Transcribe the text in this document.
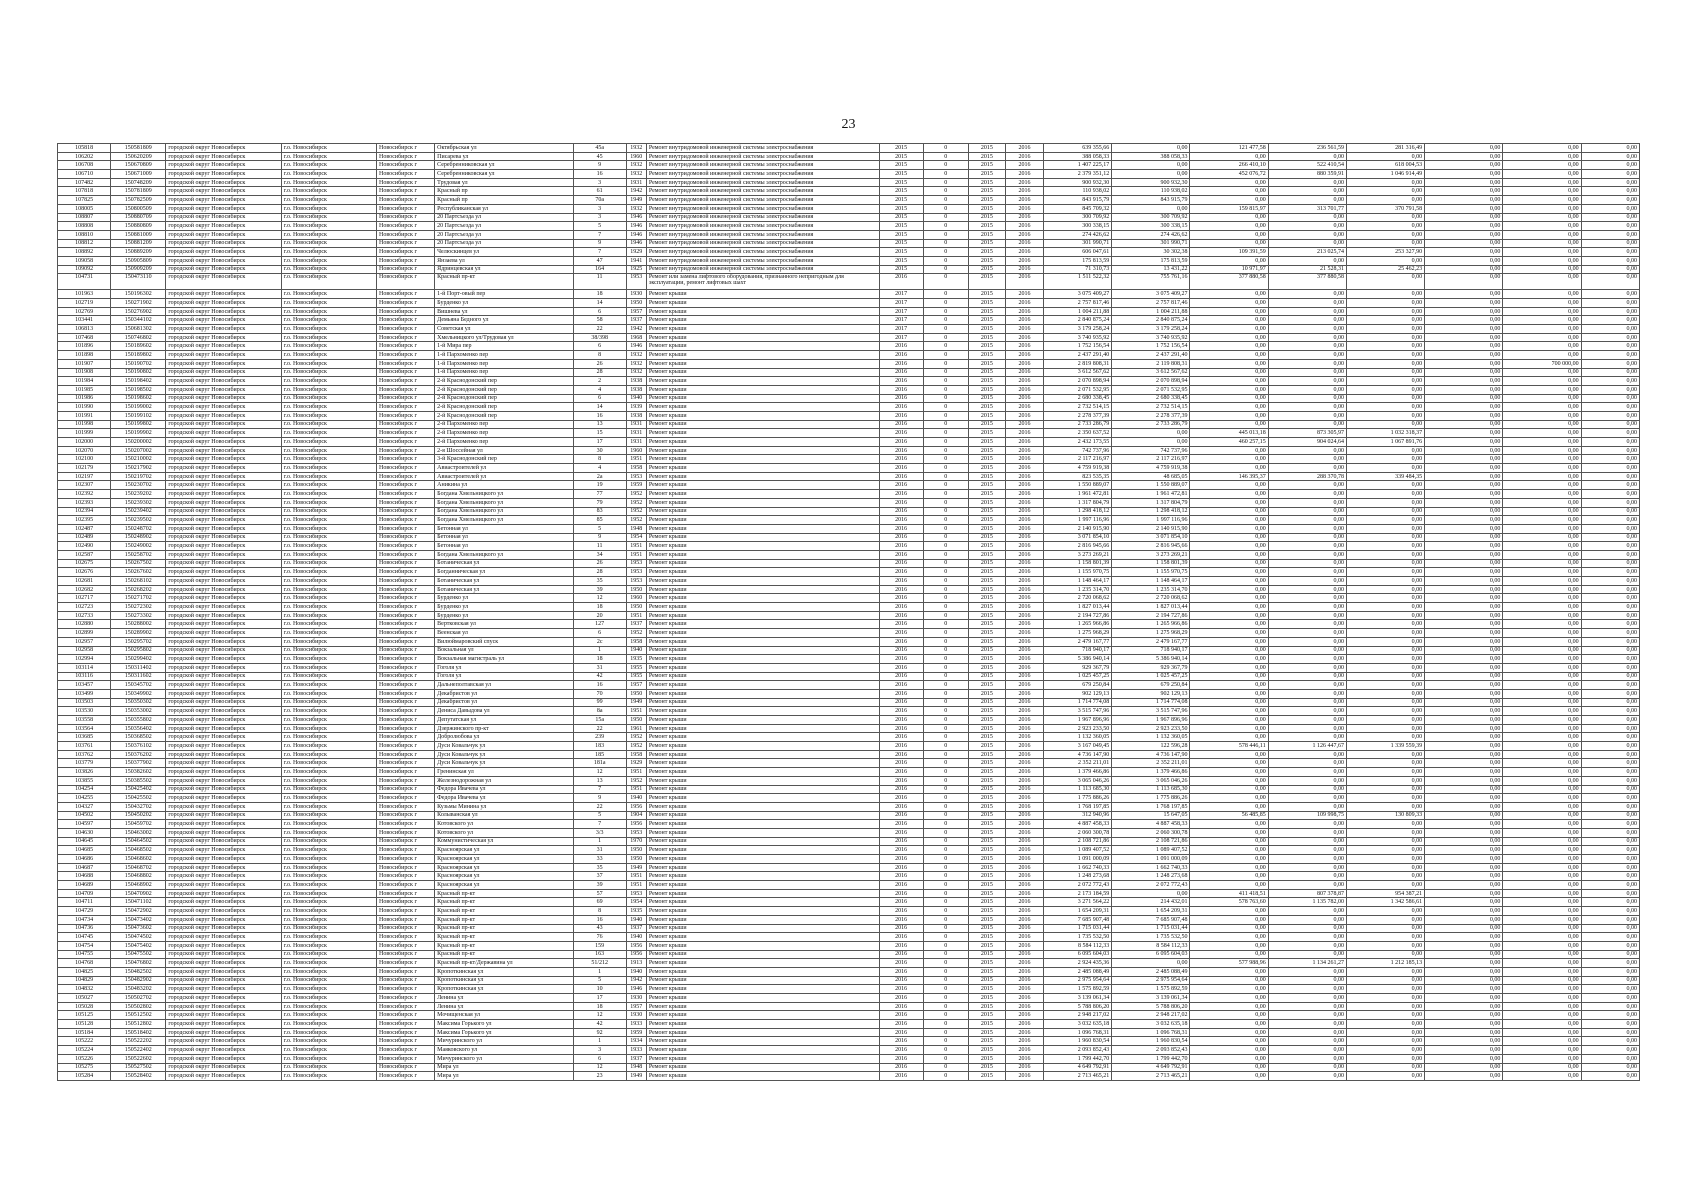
23
105818	150581809	городской округ Новосибирск	г.о. Новосибирск	Новосибирск г	Октябрьская ул	45а	1932	Ремонт внутридомовой инженерной системы электроснабжения	2015	0	2015	2016	639 355,66	0,00	121 477,58	236 561,59	281 316,49	0,00	0,00	0,00
106202	150620209	городской округ Новосибирск	г.о. Новосибирск	Новосибирск г	Писарева ул	45	1960	Ремонт внутридомовой инженерной системы электроснабжения	2015	0	2015	2016	388 058,33	388 058,33	0,00	0,00	0,00	0,00	0,00	0,00
106708	150670809	городской округ Новосибирск	г.о. Новосибирск	Новосибирск г	Серебренниковская ул	9	1932	Ремонт внутридомовой инженерной системы электроснабжения	2015	0	2015	2016	1 407 225,17	0,00	266 410,10	522 410,54	618 004,53	0,00	0,00	0,00
106710	150671009	городской округ Новосибирск	г.о. Новосибирск	Новосибирск г	Серебренниковская ул	16	1932	Ремонт внутридомовой инженерной системы электроснабжения	2015	0	2015	2016	2 379 351,12	0,00	452 076,72	880 359,91	1 046 914,49	0,00	0,00	0,00
107482	150748209	городской округ Новосибирск	г.о. Новосибирск	Новосибирск г	Трудовая ул	3	1931	Ремонт внутридомовой инженерной системы электроснабжения	2015	0	2015	2016	900 932,30	900 932,30	0,00	0,00	0,00	0,00	0,00	0,00
107818	150781809	городской округ Новосибирск	г.о. Новосибирск	Новосибирск г	Красный пр	61	1942	Ремонт внутридомовой инженерной системы электроснабжения	2015	0	2015	2016	110 938,02	110 938,02	0,00	0,00	0,00	0,00	0,00	0,00
107825	150782509	городской округ Новосибирск	г.о. Новосибирск	Новосибирск г	Красный пр	70а	1949	Ремонт внутридомовой инженерной системы электроснабжения	2015	0	2015	2016	843 915,79	843 915,79	0,00	0,00	0,00	0,00	0,00	0,00
108005	150800509	городской округ Новосибирск	г.о. Новосибирск	Новосибирск г	Республиканская ул	3	1932	Ремонт внутридомовой инженерной системы электроснабжения	2015	0	2015	2016	845 709,32	0,00	159 815,97	313 701,77	370 791,58	0,00	0,00	0,00
108807	150880709	городской округ Новосибирск	г.о. Новосибирск	Новосибирск г	20 Партсъезда ул	3	1946	Ремонт внутридомовой инженерной системы электроснабжения	2015	0	2015	2016	300 709,92	300 709,92	0,00	0,00	0,00	0,00	0,00	0,00
108808	150880809	городской округ Новосибирск	г.о. Новосибирск	Новосибирск г	20 Партсъезда ул	5	1946	Ремонт внутридомовой инженерной системы электроснабжения	2015	0	2015	2016	300 338,15	300 338,15	0,00	0,00	0,00	0,00	0,00	0,00
108810	150881009	городской округ Новосибирск	г.о. Новосибирск	Новосибирск г	20 Партсъезда ул	7	1946	Ремонт внутридомовой инженерной системы электроснабжения	2015	0	2015	2016	274 426,62	274 426,62	0,00	0,00	0,00	0,00	0,00	0,00
108812	150881209	городской округ Новосибирск	г.о. Новосибирск	Новосибирск г	20 Партсъезда ул	9	1946	Ремонт внутридомовой инженерной системы электроснабжения	2015	0	2015	2016	301 990,71	301 990,71	0,00	0,00	0,00	0,00	0,00	0,00
108892	150889209	городской округ Новосибирск	г.о. Новосибирск	Новосибирск г	Челюскинцев ул	7	1929	Ремонт внутридомовой инженерной системы электроснабжения	2015	0	2015	2016	606 047,61	30 302,38	109 391,59	213 025,74	253 327,90	0,00	0,00	0,00
109058	150905809	городской округ Новосибирск	г.о. Новосибирск	Новосибирск г	Янзаева ул	47	1941	Ремонт внутридомовой инженерной системы электроснабжения	2015	0	2015	2016	175 813,59	175 813,59	0,00	0,00	0,00	0,00	0,00	0,00
109092	150909209	городской округ Новосибирск	г.о. Новосибирск	Новосибирск г	Ядринцевская ул	164	1925	Ремонт внутридомовой инженерной системы электроснабжения	2015	0	2015	2016	71 310,73	13 431,22	10 971,97	21 528,31	25 462,23	0,00	0,00	0,00
104731	150473110	городской округ Новосибирск	г.о. Новосибирск	Новосибирск г	Красный пр-кт	11	1953	Ремонт или замена лифтового оборудования, признанного непригодным для эксплуатации, ремонт лифтовых шахт	2016	0	2015	2016	1 511 522,32	755 761,16	377 880,58	377 880,58	0,00	0,00	0,00	0,00
101963	150196302	городской округ Новосибирск	г.о. Новосибирск	Новосибирск г	1-й Порт-овый пер	18	1930	Ремонт крыши	2017	0	2015	2016	3 075 409,27	3 075 409,27	0,00	0,00	0,00	0,00	0,00	0,00
102719	150271902	городской округ Новосибирск	г.о. Новосибирск	Новосибирск г	Бурденко ул	14	1950	Ремонт крыши	2017	0	2015	2016	2 757 817,46	2 757 817,46	0,00	0,00	0,00	0,00	0,00	0,00
102769	150276902	городской округ Новосибирск	г.о. Новосибирск	Новосибирск г	Вишнева ул	6	1957	Ремонт крыши	2017	0	2015	2016	1 004 211,88	1 004 211,88	0,00	0,00	0,00	0,00	0,00	0,00
103441	150344102	городской округ Новосибирск	г.о. Новосибирск	Новосибирск г	Демьяна Бедного ул	58	1937	Ремонт крыши	2017	0	2015	2016	2 840 875,24	2 840 875,24	0,00	0,00	0,00	0,00	0,00	0,00
106813	150681302	городской округ Новосибирск	г.о. Новосибирск	Новосибирск г	Советская ул	22	1942	Ремонт крыши	2017	0	2015	2016	3 179 258,24	3 179 258,24	0,00	0,00	0,00	0,00	0,00	0,00
107468	150746802	городской округ Новосибирск	г.о. Новосибирск	Новосибирск г	Хмельницкого ул/Трудовая ул	38/398	1968	Ремонт крыши	2017	0	2015	2016	3 740 935,92	3 740 935,92	0,00	0,00	0,00	0,00	0,00	0,00
101896	150189602	городской округ Новосибирск	г.о. Новосибирск	Новосибирск г	1-й Мира пер	6	1946	Ремонт крыши	2016	0	2015	2016	1 752 156,54	1 752 156,54	0,00	0,00	0,00	0,00	0,00	0,00
101898	150189802	городской округ Новосибирск	г.о. Новосибирск	Новосибирск г	1-й Пархоменко пер	8	1932	Ремонт крыши	2016	0	2015	2016	2 437 291,40	2 437 291,40	0,00	0,00	0,00	0,00	0,00	0,00
101907	150190702	городской округ Новосибирск	г.о. Новосибирск	Новосибирск г	1-й Пархоменко пер	26	1932	Ремонт крыши	2016	0	2015	2016	2 819 808,31	2 119 808,31	0,00	0,00	0,00	0,00	700 000,00	0,00
101908	150190802	городской округ Новосибирск	г.о. Новосибирск	Новосибирск г	1-й Пархоменко пер	28	1932	Ремонт крыши	2016	0	2015	2016	3 612 567,62	3 612 567,62	0,00	0,00	0,00	0,00	0,00	0,00
101984	150198402	городской округ Новосибирск	г.о. Новосибирск	Новосибирск г	2-й Краснодонский пер	2	1938	Ремонт крыши	2016	0	2015	2016	2 070 898,94	2 070 898,94	0,00	0,00	0,00	0,00	0,00	0,00
101985	150198502	городской округ Новосибирск	г.о. Новосибирск	Новосибирск г	2-й Краснодонский пер	4	1938	Ремонт крыши	2016	0	2015	2016	2 071 532,95	2 071 532,95	0,00	0,00	0,00	0,00	0,00	0,00
101986	150198602	городской округ Новосибирск	г.о. Новосибирск	Новосибирск г	2-й Краснодонский пер	6	1940	Ремонт крыши	2016	0	2015	2016	2 680 338,45	2 680 338,45	0,00	0,00	0,00	0,00	0,00	0,00
101990	150199002	городской округ Новосибирск	г.о. Новосибирск	Новосибирск г	2-й Краснодонский пер	14	1939	Ремонт крыши	2016	0	2015	2016	2 732 514,15	2 732 514,15	0,00	0,00	0,00	0,00	0,00	0,00
101991	150199102	городской округ Новосибирск	г.о. Новосибирск	Новосибирск г	2-й Краснодонский пер	16	1938	Ремонт крыши	2016	0	2015	2016	2 278 377,39	2 278 377,39	0,00	0,00	0,00	0,00	0,00	0,00
101998	150199802	городской округ Новосибирск	г.о. Новосибирск	Новосибирск г	2-й Пархоменко пер	13	1931	Ремонт крыши	2016	0	2015	2016	2 733 286,79	2 733 286,79	0,00	0,00	0,00	0,00	0,00	0,00
101999	150199902	городской округ Новосибирск	г.о. Новосибирск	Новосибирск г	2-й Пархоменко пер	15	1931	Ремонт крыши	2016	0	2015	2016	2 350 637,52	0,00	445 013,18	873 305,97	1 032 318,37	0,00	0,00	0,00
102000	150200002	городской округ Новосибирск	г.о. Новосибирск	Новосибирск г	2-й Пархоменко пер	17	1931	Ремонт крыши	2016	0	2015	2016	2 432 173,55	0,00	460 257,15	904 024,64	1 067 891,76	0,00	0,00	0,00
102070	150207002	городской округ Новосибирск	г.о. Новосибирск	Новосибирск г	2-я Шоссейная ул	30	1960	Ремонт крыши	2016	0	2015	2016	742 737,96	742 737,96	0,00	0,00	0,00	0,00	0,00	0,00
102100	150210002	городской округ Новосибирск	г.о. Новосибирск	Новосибирск г	3-й Краснодонский пер	8	1951	Ремонт крыши	2016	0	2015	2016	2 117 216,97	2 117 216,97	0,00	0,00	0,00	0,00	0,00	0,00
102179	150217902	городской округ Новосибирск	г.о. Новосибирск	Новосибирск г	Авиастроителей ул	4	1958	Ремонт крыши	2016	0	2015	2016	4 759 919,38	4 759 919,38	0,00	0,00	0,00	0,00	0,00	0,00
102197	150219702	городской округ Новосибирск	г.о. Новосибирск	Новосибирск г	Авиастроителей ул	2а	1953	Ремонт крыши	2016	0	2015	2016	823 535,35	48 685,05	146 395,37	288 370,78	339 484,35	0,00	0,00	0,00
102307	150230702	городской округ Новосибирск	г.о. Новосибирск	Новосибирск г	Аникина ул	19	1959	Ремонт крыши	2016	0	2015	2016	1 550 889,07	1 550 889,07	0,00	0,00	0,00	0,00	0,00	0,00
102392	150239202	городской округ Новосибирск	г.о. Новосибирск	Новосибирск г	Богдана Хмельницкого ул	77	1952	Ремонт крыши	2016	0	2015	2016	1 961 472,81	1 961 472,81	0,00	0,00	0,00	0,00	0,00	0,00
102393	150239302	городской округ Новосибирск	г.о. Новосибирск	Новосибирск г	Богдана Хмельницкого ул	79	1952	Ремонт крыши	2016	0	2015	2016	1 317 804,79	1 317 804,79	0,00	0,00	0,00	0,00	0,00	0,00
102394	150239402	городской округ Новосибирск	г.о. Новосибирск	Новосибирск г	Богдана Хмельницкого ул	83	1952	Ремонт крыши	2016	0	2015	2016	1 298 418,12	1 298 418,12	0,00	0,00	0,00	0,00	0,00	0,00
102395	150239502	городской округ Новосибирск	г.о. Новосибирск	Новосибирск г	Богдана Хмельницкого ул	85	1952	Ремонт крыши	2016	0	2015	2016	1 997 116,96	1 997 116,96	0,00	0,00	0,00	0,00	0,00	0,00
102487	150248702	городской округ Новосибирск	г.о. Новосибирск	Новосибирск г	Бетонная ул	5	1948	Ремонт крыши	2016	0	2015	2016	2 140 915,90	2 140 915,90	0,00	0,00	0,00	0,00	0,00	0,00
102489	150248902	городской округ Новосибирск	г.о. Новосибирск	Новосибирск г	Бетонная ул	9	1954	Ремонт крыши	2016	0	2015	2016	3 071 854,10	3 071 854,10	0,00	0,00	0,00	0,00	0,00	0,00
102490	150249002	городской округ Новосибирск	г.о. Новосибирск	Новосибирск г	Бетонная ул	11	1951	Ремонт крыши	2016	0	2015	2016	2 816 945,66	2 816 945,66	0,00	0,00	0,00	0,00	0,00	0,00
102587	150258702	городской округ Новосибирск	г.о. Новосибирск	Новосибирск г	Богдана Хмельницкого ул	34	1951	Ремонт крыши	2016	0	2015	2016	3 273 269,21	3 273 269,21	0,00	0,00	0,00	0,00	0,00	0,00
102675	150267502	городской округ Новосибирск	г.о. Новосибирск	Новосибирск г	Ботаническая ул	26	1953	Ремонт крыши	2016	0	2015	2016	1 158 801,39	1 158 801,39	0,00	0,00	0,00	0,00	0,00	0,00
102676	150267602	городской округ Новосибирск	г.о. Новосибирск	Новосибирск г	Богданническая ул	28	1953	Ремонт крыши	2016	0	2015	2016	1 155 970,75	1 155 970,75	0,00	0,00	0,00	0,00	0,00	0,00
102681	150268102	городской округ Новосибирск	г.о. Новосибирск	Новосибирск г	Ботаническая ул	35	1953	Ремонт крыши	2016	0	2015	2016	1 148 464,17	1 148 464,17	0,00	0,00	0,00	0,00	0,00	0,00
102682	150268202	городской округ Новосибирск	г.о. Новосибирск	Новосибирск г	Ботаническая ул	39	1950	Ремонт крыши	2016	0	2015	2016	1 235 314,70	1 235 314,70	0,00	0,00	0,00	0,00	0,00	0,00
102717	150271702	городской округ Новосибирск	г.о. Новосибирск	Новосибирск г	Бурденко ул	12	1960	Ремонт крыши	2016	0	2015	2016	2 720 068,62	2 720 068,62	0,00	0,00	0,00	0,00	0,00	0,00
102723	150272302	городской округ Новосибирск	г.о. Новосибирск	Новосибирск г	Бурденко ул	18	1950	Ремонт крыши	2016	0	2015	2016	1 827 013,44	1 827 013,44	0,00	0,00	0,00	0,00	0,00	0,00
102733	150273302	городской округ Новосибирск	г.о. Новосибирск	Новосибирск г	Бурденко ул	20	1951	Ремонт крыши	2016	0	2015	2016	2 194 727,86	2 194 727,86	0,00	0,00	0,00	0,00	0,00	0,00
102880	150288002	городской округ Новосибирск	г.о. Новосибирск	Новосибирск г	Вертковская ул	127	1937	Ремонт крыши	2016	0	2015	2016	1 265 966,86	1 265 966,86	0,00	0,00	0,00	0,00	0,00	0,00
102899	150289902	городской округ Новосибирск	г.о. Новосибирск	Новосибирск г	Веенская ул	6	1952	Ремонт крыши	2016	0	2015	2016	1 275 968,29	1 275 968,29	0,00	0,00	0,00	0,00	0,00	0,00
102957	150295702	городской округ Новосибирск	г.о. Новосибирск	Новосибирск г	Вилюймаровский спуск	2с	1958	Ремонт крыши	2016	0	2015	2016	2 479 167,77	2 479 167,77	0,00	0,00	0,00	0,00	0,00	0,00
102958	150295802	городской округ Новосибирск	г.о. Новосибирск	Новосибирск г	Вокзальная ул	1	1940	Ремонт крыши	2016	0	2015	2016	718 940,17	718 940,17	0,00	0,00	0,00	0,00	0,00	0,00
102994	150299402	городской округ Новосибирск	г.о. Новосибирск	Новосибирск г	Вокзальная магистраль ул	18	1935	Ремонт крыши	2016	0	2015	2016	5 386 940,14	5 386 940,14	0,00	0,00	0,00	0,00	0,00	0,00
103114	150311402	городской округ Новосибирск	г.о. Новосибирск	Новосибирск г	Гоголя ул	31	1955	Ремонт крыши	2016	0	2015	2016	929 367,79	929 367,79	0,00	0,00	0,00	0,00	0,00	0,00
103116	150311602	городской округ Новосибирск	г.о. Новосибирск	Новосибирск г	Гоголя ул	42	1955	Ремонт крыши	2016	0	2015	2016	1 025 457,25	1 025 457,25	0,00	0,00	0,00	0,00	0,00	0,00
103457	150345702	городской округ Новосибирск	г.о. Новосибирск	Новосибирск г	Дальнеполтавская ул	16	1957	Ремонт крыши	2016	0	2015	2016	679 250,84	679 250,84	0,00	0,00	0,00	0,00	0,00	0,00
103499	150349902	городской округ Новосибирск	г.о. Новосибирск	Новосибирск г	Декабристов ул	70	1950	Ремонт крыши	2016	0	2015	2016	902 129,13	902 129,13	0,00	0,00	0,00	0,00	0,00	0,00
103503	150350302	городской округ Новосибирск	г.о. Новосибирск	Новосибирск г	Декабристов ул	99	1949	Ремонт крыши	2016	0	2015	2016	1 714 774,08	1 714 774,08	0,00	0,00	0,00	0,00	0,00	0,00
103530	150353002	городской округ Новосибирск	г.о. Новосибирск	Новосибирск г	Дениса Давыдова ул	8а	1951	Ремонт крыши	2016	0	2015	2016	3 515 747,96	3 515 747,96	0,00	0,00	0,00	0,00	0,00	0,00
103558	150355802	городской округ Новосибирск	г.о. Новосибирск	Новосибирск г	Депутатская ул	15а	1950	Ремонт крыши	2016	0	2015	2016	1 967 896,96	1 967 896,96	0,00	0,00	0,00	0,00	0,00	0,00
103564	150356402	городской округ Новосибирск	г.о. Новосибирск	Новосибирск г	Дзержинского пр-кт	22	1961	Ремонт крыши	2016	0	2015	2016	2 923 233,50	2 923 233,50	0,00	0,00	0,00	0,00	0,00	0,00
103685	150368502	городской округ Новосибирск	г.о. Новосибирск	Новосибирск г	Добролюбова ул	239	1952	Ремонт крыши	2016	0	2015	2016	1 132 360,05	1 132 360,05	0,00	0,00	0,00	0,00	0,00	0,00
103761	150376102	городской округ Новосибирск	г.о. Новосибирск	Новосибирск г	Дуси Ковальчук ул	183	1952	Ремонт крыши	2016	0	2015	2016	3 167 049,45	122 596,28	578 446,11	1 126 447,67	1 339 559,39	0,00	0,00	0,00
103762	150376202	городской округ Новосибирск	г.о. Новосибирск	Новосибирск г	Дуси Ковальчук ул	185	1958	Ремонт крыши	2016	0	2015	2016	4 736 147,90	4 736 147,90	0,00	0,00	0,00	0,00	0,00	0,00
103779	150377902	городской округ Новосибирск	г.о. Новосибирск	Новосибирск г	Дуси Ковальчук ул	181а	1929	Ремонт крыши	2016	0	2015	2016	2 352 211,01	2 352 211,01	0,00	0,00	0,00	0,00	0,00	0,00
103826	150382602	городской округ Новосибирск	г.о. Новосибирск	Новосибирск г	Гренинская ул	12	1951	Ремонт крыши	2016	0	2015	2016	1 379 466,86	1 379 466,86	0,00	0,00	0,00	0,00	0,00	0,00
103855	150385502	городской округ Новосибирск	г.о. Новосибирск	Новосибирск г	Железнодорожная ул	13	1952	Ремонт крыши	2016	0	2015	2016	3 065 046,26	3 065 046,26	0,00	0,00	0,00	0,00	0,00	0,00
104254	150425402	городской округ Новосибирск	г.о. Новосибирск	Новосибирск г	Федора Ивачева ул	7	1951	Ремонт крыши	2016	0	2015	2016	1 113 685,30	1 113 685,30	0,00	0,00	0,00	0,00	0,00	0,00
104255	150425502	городской округ Новосибирск	г.о. Новосибирск	Новосибирск г	Федора Ивачева ул	9	1940	Ремонт крыши	2016	0	2015	2016	1 775 886,26	1 775 886,26	0,00	0,00	0,00	0,00	0,00	0,00
104327	150432702	городской округ Новосибирск	г.о. Новосибирск	Новосибирск г	Кузьмы Минина ул	22	1956	Ремонт крыши	2016	0	2015	2016	1 768 197,85	1 768 197,85	0,00	0,00	0,00	0,00	0,00	0,00
104502	150450202	городской округ Новосибирск	г.о. Новосибирск	Новосибирск г	Колыванская ул	5	1904	Ремонт крыши	2016	0	2015	2016	312 940,96	15 647,05	56 485,85	109 998,75	130 809,33	0,00	0,00	0,00
104597	150459702	городской округ Новосибирск	г.о. Новосибирск	Новосибирск г	Котовского ул	7	1956	Ремонт крыши	2016	0	2015	2016	4 887 458,33	4 887 458,33	0,00	0,00	0,00	0,00	0,00	0,00
104630	150463002	городской округ Новосибирск	г.о. Новосибирск	Новосибирск г	Котовского ул	3/3	1953	Ремонт крыши	2016	0	2015	2016	2 060 300,78	2 060 300,78	0,00	0,00	0,00	0,00	0,00	0,00
104645	150464502	городской округ Новосибирск	г.о. Новосибирск	Новосибирск г	Коммунистическая ул	1	1970	Ремонт крыши	2016	0	2015	2016	2 108 721,86	2 108 721,86	0,00	0,00	0,00	0,00	0,00	0,00
104685	150468502	городской округ Новосибирск	г.о. Новосибирск	Новосибирск г	Красноярская ул	31	1950	Ремонт крыши	2016	0	2015	2016	1 089 407,52	1 089 407,52	0,00	0,00	0,00	0,00	0,00	0,00
104686	150468602	городской округ Новосибирск	г.о. Новосибирск	Новосибирск г	Красноярская ул	33	1950	Ремонт крыши	2016	0	2015	2016	1 091 000,09	1 091 000,09	0,00	0,00	0,00	0,00	0,00	0,00
104687	150468702	городской округ Новосибирск	г.о. Новосибирск	Новосибирск г	Красноярская ул	35	1949	Ремонт крыши	2016	0	2015	2016	1 662 740,33	1 662 740,33	0,00	0,00	0,00	0,00	0,00	0,00
104688	150468802	городской округ Новосибирск	г.о. Новосибирск	Новосибирск г	Красноярская ул	37	1951	Ремонт крыши	2016	0	2015	2016	1 248 273,68	1 248 273,68	0,00	0,00	0,00	0,00	0,00	0,00
104689	150468902	городской округ Новосибирск	г.о. Новосибирск	Новосибирск г	Красноярская ул	39	1951	Ремонт крыши	2016	0	2015	2016	2 072 772,43	2 072 772,43	0,00	0,00	0,00	0,00	0,00	0,00
104709	150470902	городской округ Новосибирск	г.о. Новосибирск	Новосибирск г	Красный пр-кт	57	1953	Ремонт крыши	2016	0	2015	2016	2 173 184,59	0,00	411 418,51	807 378,87	954 387,21	0,00	0,00	0,00
104711	150471102	городской округ Новосибирск	г.о. Новосибирск	Новосибирск г	Красный пр-кт	69	1954	Ремонт крыши	2016	0	2015	2016	3 271 564,22	214 432,01	578 763,60	1 135 782,00	1 342 586,61	0,00	0,00	0,00
104729	150472902	городской округ Новосибирск	г.о. Новосибирск	Новосибирск г	Красный пр-кт	8	1935	Ремонт крыши	2016	0	2015	2016	1 654 209,31	1 654 209,31	0,00	0,00	0,00	0,00	0,00	0,00
104734	150473402	городской округ Новосибирск	г.о. Новосибирск	Новосибирск г	Красный пр-кт	16	1940	Ремонт крыши	2016	0	2015	2016	7 685 907,48	7 685 907,48	0,00	0,00	0,00	0,00	0,00	0,00
104736	150473602	городской округ Новосибирск	г.о. Новосибирск	Новосибирск г	Красный пр-кт	43	1937	Ремонт крыши	2016	0	2015	2016	1 715 031,44	1 715 031,44	0,00	0,00	0,00	0,00	0,00	0,00
104745	150474502	городской округ Новосибирск	г.о. Новосибирск	Новосибирск г	Красный пр-кт	76	1940	Ремонт крыши	2016	0	2015	2016	1 735 532,50	1 735 532,50	0,00	0,00	0,00	0,00	0,00	0,00
104754	150475402	городской округ Новосибирск	г.о. Новосибирск	Новосибирск г	Красный пр-кт	159	1956	Ремонт крыши	2016	0	2015	2016	8 584 112,33	8 584 112,33	0,00	0,00	0,00	0,00	0,00	0,00
104755	150475502	городской округ Новосибирск	г.о. Новосибирск	Новосибирск г	Красный пр-кт	163	1956	Ремонт крыши	2016	0	2015	2016	6 095 604,03	6 095 604,03	0,00	0,00	0,00	0,00	0,00	0,00
104768	150476802	городской округ Новосибирск	г.о. Новосибирск	Новосибирск г	Красный пр-кт/Державина ул	51/212	1913	Ремонт крыши	2016	0	2015	2016	2 924 435,36	0,00	577 988,96	1 134 261,27	1 212 185,13	0,00	0,00	0,00
104825	150482502	городской округ Новосибирск	г.о. Новосибирск	Новосибирск г	Кропоткинская ул	1	1940	Ремонт крыши	2016	0	2015	2016	2 485 088,49	2 485 088,49	0,00	0,00	0,00	0,00	0,00	0,00
104829	150482902	городской округ Новосибирск	г.о. Новосибирск	Новосибирск г	Кропоткинская ул	5	1942	Ремонт крыши	2016	0	2015	2016	2 975 954,64	2 975 954,64	0,00	0,00	0,00	0,00	0,00	0,00
104832	150483202	городской округ Новосибирск	г.о. Новосибирск	Новосибирск г	Кропоткинская ул	10	1946	Ремонт крыши	2016	0	2015	2016	1 575 892,59	1 575 892,59	0,00	0,00	0,00	0,00	0,00	0,00
105027	150502702	городской округ Новосибирск	г.о. Новосибирск	Новосибирск г	Ленина ул	17	1930	Ремонт крыши	2016	0	2015	2016	3 139 061,34	3 139 061,34	0,00	0,00	0,00	0,00	0,00	0,00
105028	150502802	городской округ Новосибирск	г.о. Новосибирск	Новосибирск г	Ленина ул	18	1957	Ремонт крыши	2016	0	2015	2016	5 788 806,20	5 788 806,20	0,00	0,00	0,00	0,00	0,00	0,00
105125	150512502	городской округ Новосибирск	г.о. Новосибирск	Новосибирск г	Мочищенская ул	12	1930	Ремонт крыши	2016	0	2015	2016	2 948 217,02	2 948 217,02	0,00	0,00	0,00	0,00	0,00	0,00
105128	150512802	городской округ Новосибирск	г.о. Новосибирск	Новосибирск г	Максима Горького ул	42	1933	Ремонт крыши	2016	0	2015	2016	3 032 635,18	3 032 635,18	0,00	0,00	0,00	0,00	0,00	0,00
105184	150518402	городской округ Новосибирск	г.о. Новосибирск	Новосибирск г	Максима Горького ул	92	1959	Ремонт крыши	2016	0	2015	2016	1 096 768,31	1 096 768,31	0,00	0,00	0,00	0,00	0,00	0,00
105222	150522202	городской округ Новосибирск	г.о. Новосибирск	Новосибирск г	Мичуринского ул	1	1934	Ремонт крыши	2016	0	2015	2016	1 960 830,54	1 960 830,54	0,00	0,00	0,00	0,00	0,00	0,00
105224	150522402	городской округ Новосибирск	г.о. Новосибирск	Новосибирск г	Маяковского ул	3	1933	Ремонт крыши	2016	0	2015	2016	2 093 852,43	2 093 852,43	0,00	0,00	0,00	0,00	0,00	0,00
105226	150522602	городской округ Новосибирск	г.о. Новосибирск	Новосибирск г	Мичуринского ул	6	1937	Ремонт крыши	2016	0	2015	2016	1 799 442,70	1 799 442,70	0,00	0,00	0,00	0,00	0,00	0,00
105275	150527502	городской округ Новосибирск	г.о. Новосибирск	Новосибирск г	Мира ул	12	1948	Ремонт крыши	2016	0	2015	2016	4 649 792,91	4 649 792,91	0,00	0,00	0,00	0,00	0,00	0,00
105284	150528402	городской округ Новосибирск	г.о. Новосибирск	Новосибирск г	Мира ул	23	1949	Ремонт крыши	2016	0	2015	2016	2 713 465,21	2 713 465,21	0,00	0,00	0,00	0,00	0,00	0,00
